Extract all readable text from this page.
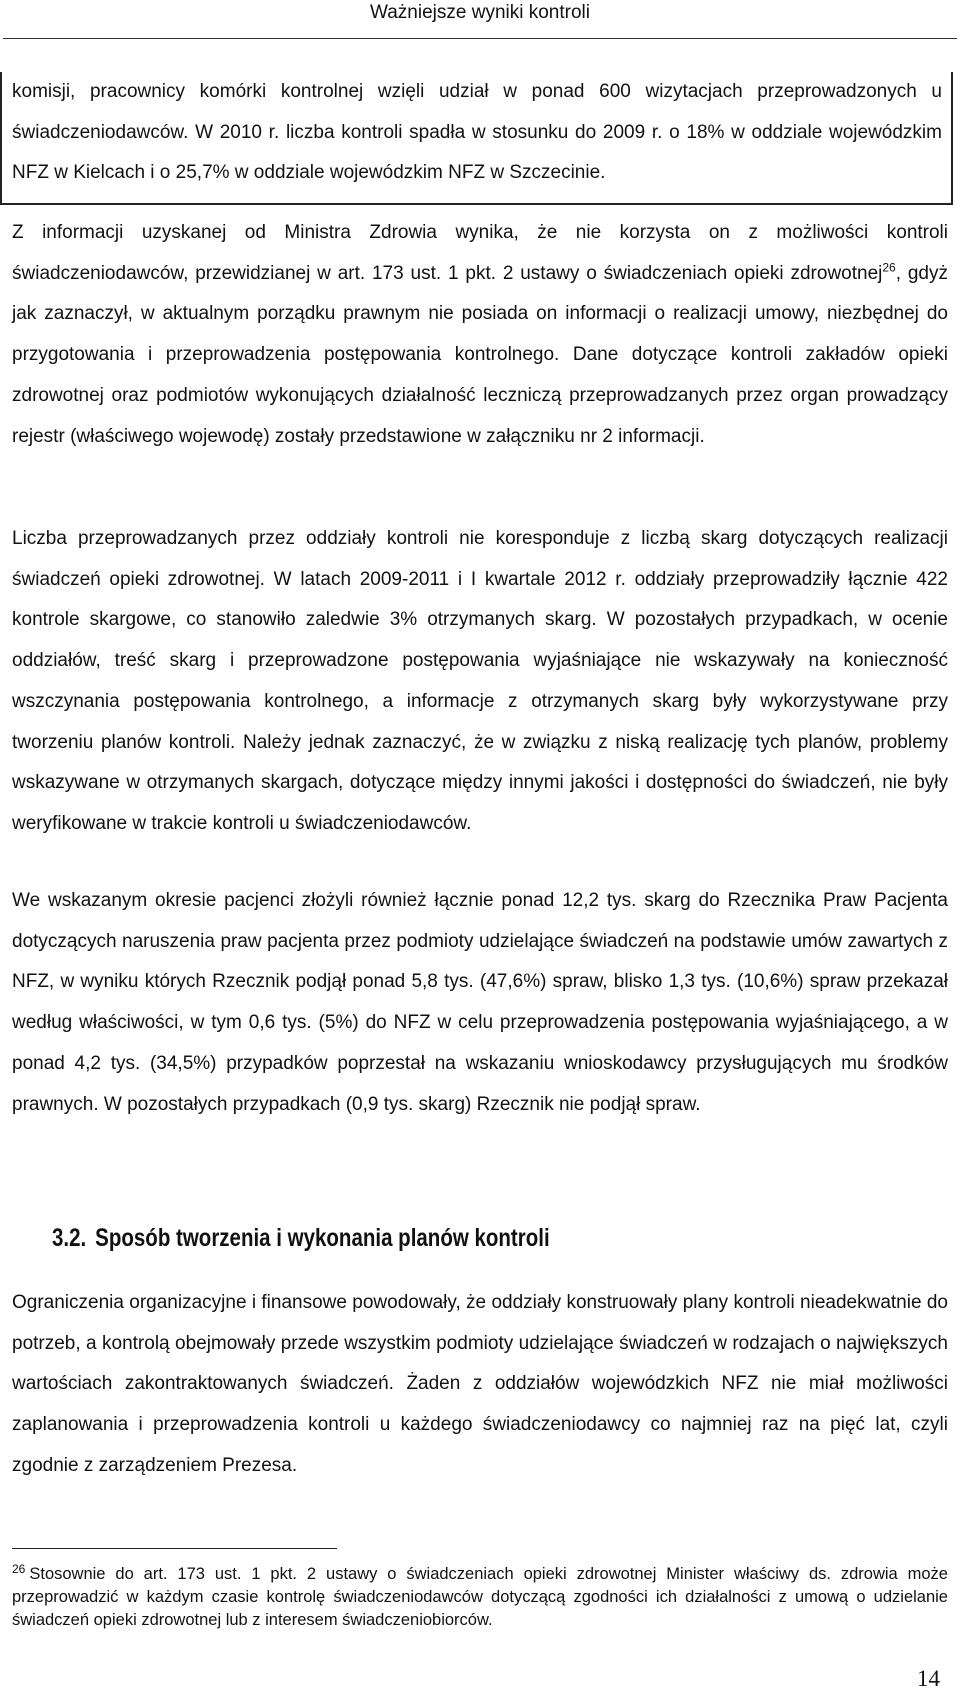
Ważniejsze wyniki kontroli

komisji, pracownicy komórki kontrolnej wzięli udział w ponad 600 wizytacjach przeprowadzonych u świadczeniodawców. W 2010 r. liczba kontroli spadła w stosunku do 2009 r. o 18% w oddziale wojewódzkim NFZ w Kielcach i o 25,7% w oddziale wojewódzkim NFZ w Szczecinie.

Z informacji uzyskanej od Ministra Zdrowia wynika, że nie korzysta on z możliwości kontroli świadczeniodawców, przewidzianej w art. 173 ust. 1 pkt. 2 ustawy o świadczeniach opieki zdrowotnej$^{26}$, gdyż jak zaznaczył, w aktualnym porządku prawnym nie posiada on informacji o realizacji umowy, niezbędnej do przygotowania i przeprowadzenia postępowania kontrolnego. Dane dotyczące kontroli zakładów opieki zdrowotnej oraz podmiotów wykonujących działalność leczniczą przeprowadzanych przez organ prowadzący rejestr (właściwego wojewodę) zostały przedstawione w załączniku nr 2 informacji.

Liczba przeprowadzanych przez oddziały kontroli nie koresponduje z liczbą skarg dotyczących realizacji świadczeń opieki zdrowotnej. W latach 2009-2011 i I kwartale 2012 r. oddziały przeprowadziły łącznie 422 kontrole skargowe, co stanowiło zaledwie 3% otrzymanych skarg. W pozostałych przypadkach, w ocenie oddziałów, treść skarg i przeprowadzone postępowania wyjaśniające nie wskazywały na konieczność wszczynania postępowania kontrolnego, a informacje z otrzymanych skarg były wykorzystywane przy tworzeniu planów kontroli. Należy jednak zaznaczyć, że w związku z niską realizację tych planów, problemy wskazywane w otrzymanych skargach, dotyczące między innymi jakości i dostępności do świadczeń, nie były weryfikowane w trakcie kontroli u świadczeniodawców.

We wskazanym okresie pacjenci złożyli również łącznie ponad 12,2 tys. skarg do Rzecznika Praw Pacjenta dotyczących naruszenia praw pacjenta przez podmioty udzielające świadczeń na podstawie umów zawartych z NFZ, w wyniku których Rzecznik podjął ponad 5,8 tys. (47,6%) spraw, blisko 1,3 tys. (10,6%) spraw przekazał według właściwości, w tym 0,6 tys. (5%) do NFZ w celu przeprowadzenia postępowania wyjaśniającego, a w ponad 4,2 tys. (34,5%) przypadków poprzestał na wskazaniu wnioskodawcy przysługujących mu środków prawnych. W pozostałych przypadkach (0,9 tys. skarg) Rzecznik nie podjął spraw.

3.2. Sposób tworzenia i wykonania planów kontroli

Ograniczenia organizacyjne i finansowe powodowały, że oddziały konstruowały plany kontroli nieadekwatnie do potrzeb, a kontrolą obejmowały przede wszystkim podmioty udzielające świadczeń w rodzajach o największych wartościach zakontraktowanych świadczeń. Żaden z oddziałów wojewódzkich NFZ nie miał możliwości zaplanowania i przeprowadzenia kontroli u każdego świadczeniodawcy co najmniej raz na pięć lat, czyli zgodnie z zarządzeniem Prezesa.

$^{26}$ Stosownie do art. 173 ust. 1 pkt. 2 ustawy o świadczeniach opieki zdrowotnej Minister właściwy ds. zdrowia może przeprowadzić w każdym czasie kontrolę świadczeniodawców dotyczącą zgodności ich działalności z umową o udzielanie świadczeń opieki zdrowotnej lub z interesem świadczeniobiorców.

14
